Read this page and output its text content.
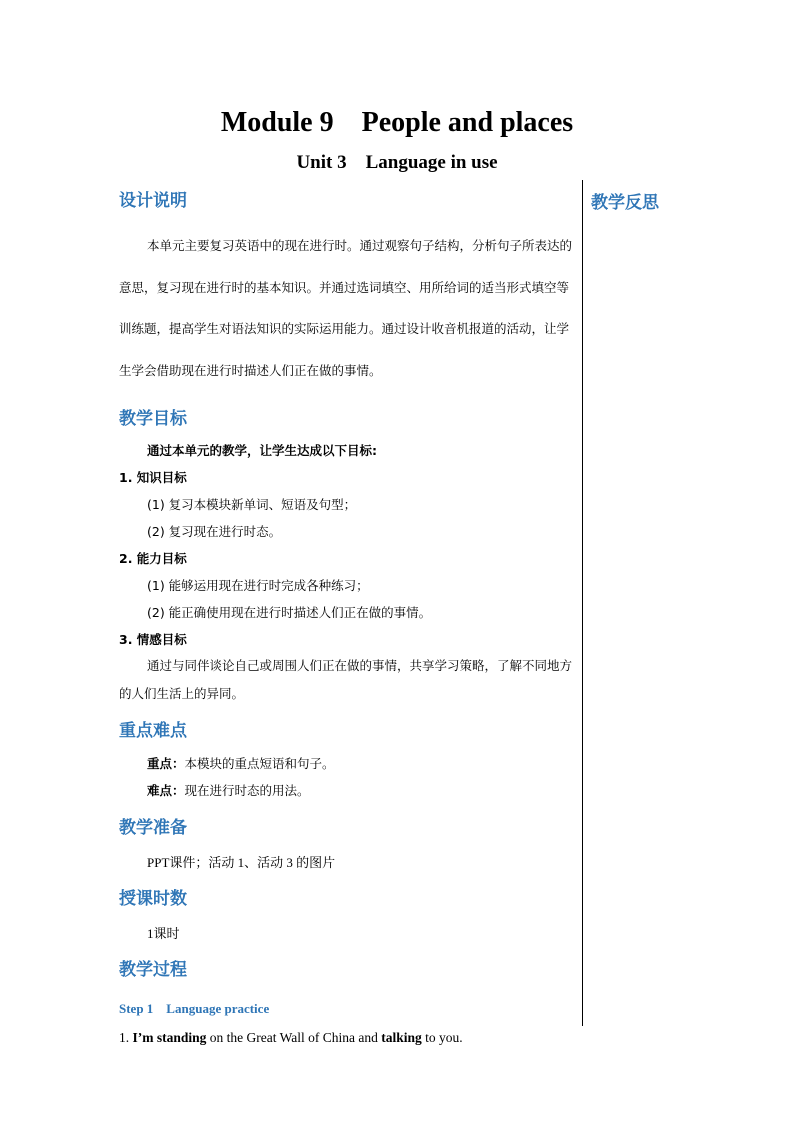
Module 9　People and places
Unit 3　Language in use
教学反思

设计说明

本单元主要复习英语中的现在进行时。通过观察句子结构，分析句子所表达的意思，复习现在进行时的基本知识。并通过选词填空、用所给词的适当形式填空等训练题，提高学生对语法知识的实际运用能力。通过设计收音机报道的活动，让学生学会借助现在进行时描述人们正在做的事情。

教学目标

通过本单元的教学，让学生达成以下目标:

1. 知识目标

(1) 复习本模块新单词、短语及句型；

(2) 复习现在进行时态。

2. 能力目标

(1) 能够运用现在进行时完成各种练习；

(2) 能正确使用现在进行时描述人们正在做的事情。

3. 情感目标

通过与同伴谈论自己或周围人们正在做的事情，共享学习策略，了解不同地方的人们生活上的异同。

重点难点

重点：本模块的重点短语和句子。

难点：现在进行时态的用法。

教学准备

PPT课件；活动 1、活动 3 的图片

授课时数

1课时

教学过程

Step 1　Language practice

1. I’m standing on the Great Wall of China and talking to you.
